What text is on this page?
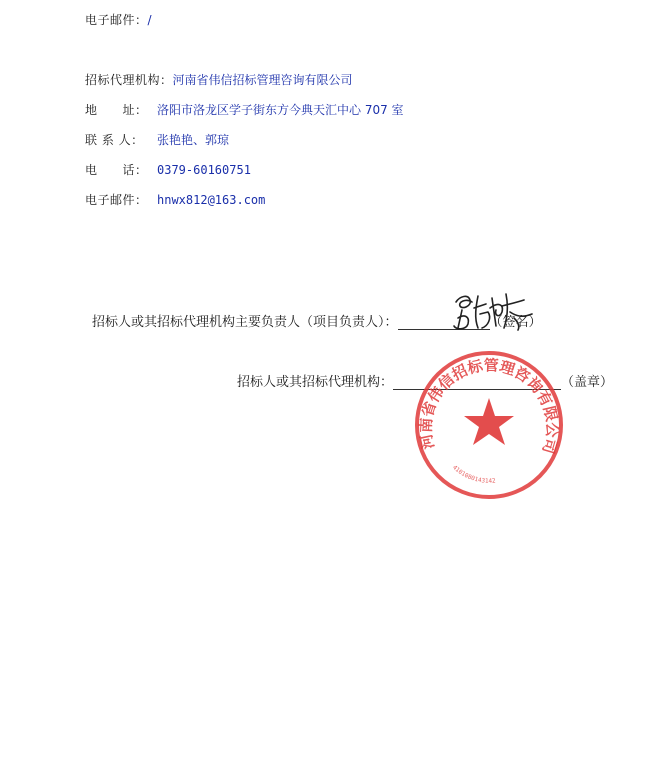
电子邮件：/
招标代理机构：河南省伟信招标管理咨询有限公司
地　　址： 洛阳市洛龙区学子街东方今典天汇中心 707 室
联 系 人： 张艳艳、郭琼
电　　话： 0379-60160751
电子邮件： hnwx812@163.com
招标人或其招标代理机构主要负责人（项目负责人）：	（签名）
招标人或其招标代理机构：	（盖章）
河南省伟信招标管理咨询有限公司
4101080143142
